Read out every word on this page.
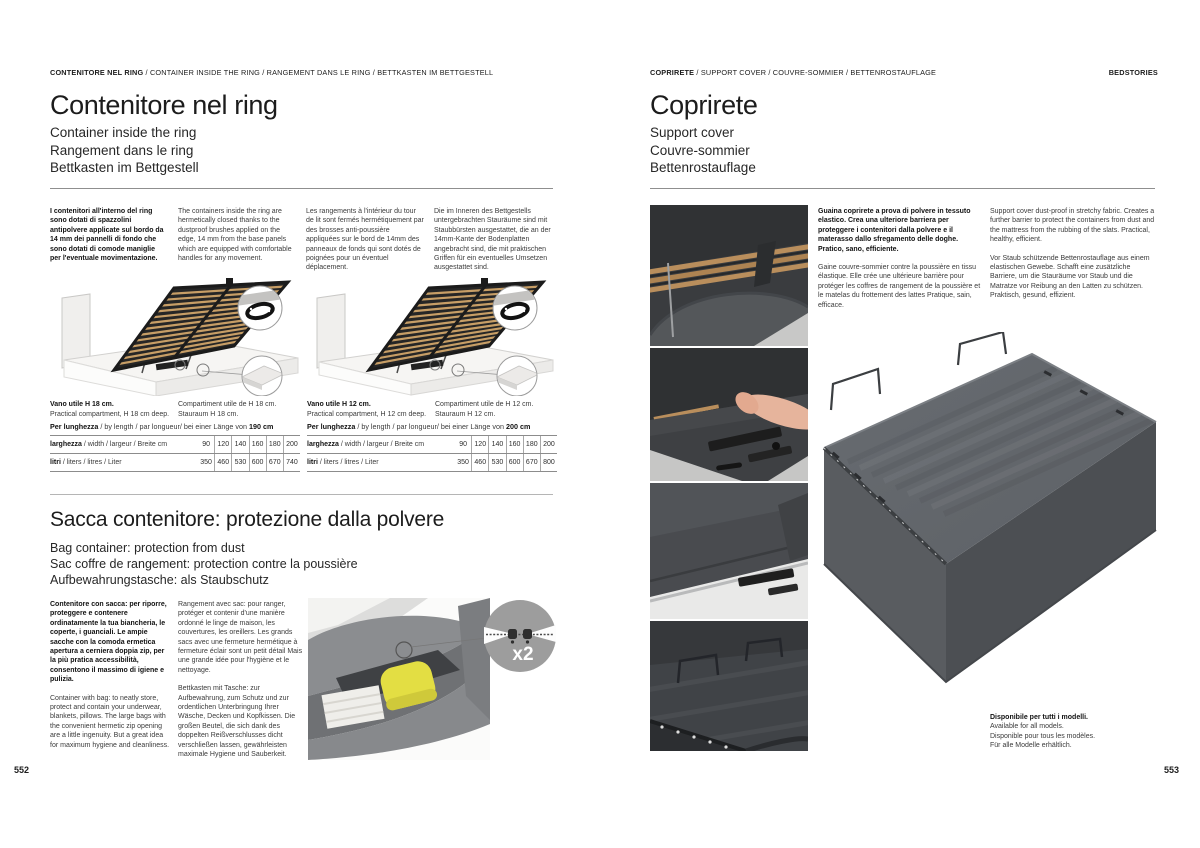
CONTENITORE NEL RING / CONTAINER INSIDE THE RING / RANGEMENT DANS LE RING / BETTKASTEN IM BETTGESTELL
Contenitore nel ring
Container inside the ring
Rangement dans le ring
Bettkasten im Bettgestell
I contenitori all'interno del ring sono dotati di spazzolini antipolvere applicate sul bordo da 14 mm dei pannelli di fondo che sono dotati di comode maniglie per l'eventuale movimentazione.
The containers inside the ring are hermetically closed thanks to the dustproof brushes applied on the edge, 14 mm from the base panels which are equipped with comfortable handles for any movement.
Les rangements à l'intérieur du tour de lit sont fermés hermétiquement par des brosses anti-poussière appliquées sur le bord de 14mm des panneaux de fonds qui sont dotés de poignées pour un éventuel déplacement.
Die im Inneren des Bettgestells untergebrachten Stauräume sind mit Staubbürsten ausgestattet, die an der 14mm-Kante der Bodenplatten angebracht sind, die mit praktischen Griffen für ein eventuelles Umsetzen ausgestattet sind.
Vano utile H 18 cm.
Practical compartment, H 18 cm deep.
Compartiment utile de H 18 cm.
Stauraum H 18 cm.
Vano utile H 12 cm.
Practical compartment, H 12 cm deep.
Compartiment utile de H 12 cm.
Stauraum H 12 cm.

Per lunghezza / by length / par longueur/ bei einer Länge von 190 cm

larghezza / width / largeur / Breite cm	90	120 140 160 180 200
litri / liters / litres / Liter	350 460 530 600 670 740

Per lunghezza / by length / par longueur/ bei einer Länge von 200 cm

larghezza / width / largeur / Breite cm	90	120 140 160 180 200
litri / liters / litres / Liter	350 460 530 600 670 800
Sacca contenitore: protezione dalla polvere
Bag container: protection from dust
Sac coffre de rangement: protection contre la poussière
Aufbewahrungstasche: als Staubschutz

Contenitore con sacca: per riporre, proteggere e contenere ordinatamente la tua biancheria, le coperte, i guanciali. Le ampie sacche con la comoda ermetica apertura a cerniera doppia zip, per la più pratica accessibilità, consentono il massimo di igiene e pulizia.

Container with bag: to neatly store, protect and contain your underwear, blankets, pillows. The large bags with the convenient hermetic zip opening are a little ingenuity. But a great idea for maximum hygiene and cleanliness.

Rangement avec sac: pour ranger, protéger et contenir d'une manière ordonné le linge de maison, les couvertures, les oreillers. Les grands sacs avec une fermeture hermétique à fermeture éclair sont un petit détail Mais une grande idée pour l'hygiène et le nettoyage.

Bettkasten mit Tasche: zur Aufbewahrung, zum Schutz und zur ordentlichen Unterbringung Ihrer Wäsche, Decken und Kopfkissen. Die großen Beutel, die sich dank des doppelten Reißverschlusses dicht verschließen lassen, gewährleisten maximale Hygiene und Sauberkeit.

x2
552
COPRIRETE / SUPPORT COVER / COUVRE-SOMMIER / BETTENROSTAUFLAGE	BEDSTORIES
Coprirete
Support cover
Couvre-sommier
Bettenrostauflage

Guaina coprirete a prova di polvere in tessuto elastico. Crea una ulteriore barriera per proteggere i contenitori dalla polvere e il materasso dallo sfregamento delle doghe. Pratico, sano, efficiente.

Gaine couvre-sommier contre la poussière en tissu élastique. Elle crée une ultérieure barrière pour protéger les coffres de rangement de la poussière et le matelas du frottement des lattes Pratique, sain, efficace.

Support cover dust-proof in stretchy fabric. Creates a further barrier to protect the containers from dust and the mattress from the rubbing of the slats. Practical, healthy, efficient.

Vor Staub schützende Bettenrostauflage aus einem elastischen Gewebe. Schafft eine zusätzliche Barriere, um die Stauräume vor Staub und die Matratze vor Reibung an den Latten zu schützen. Praktisch, gesund, effizient.

Disponibile per tutti i modelli.
Available for all models.
Disponible pour tous les modèles.
Für alle Modelle erhältlich.
553
